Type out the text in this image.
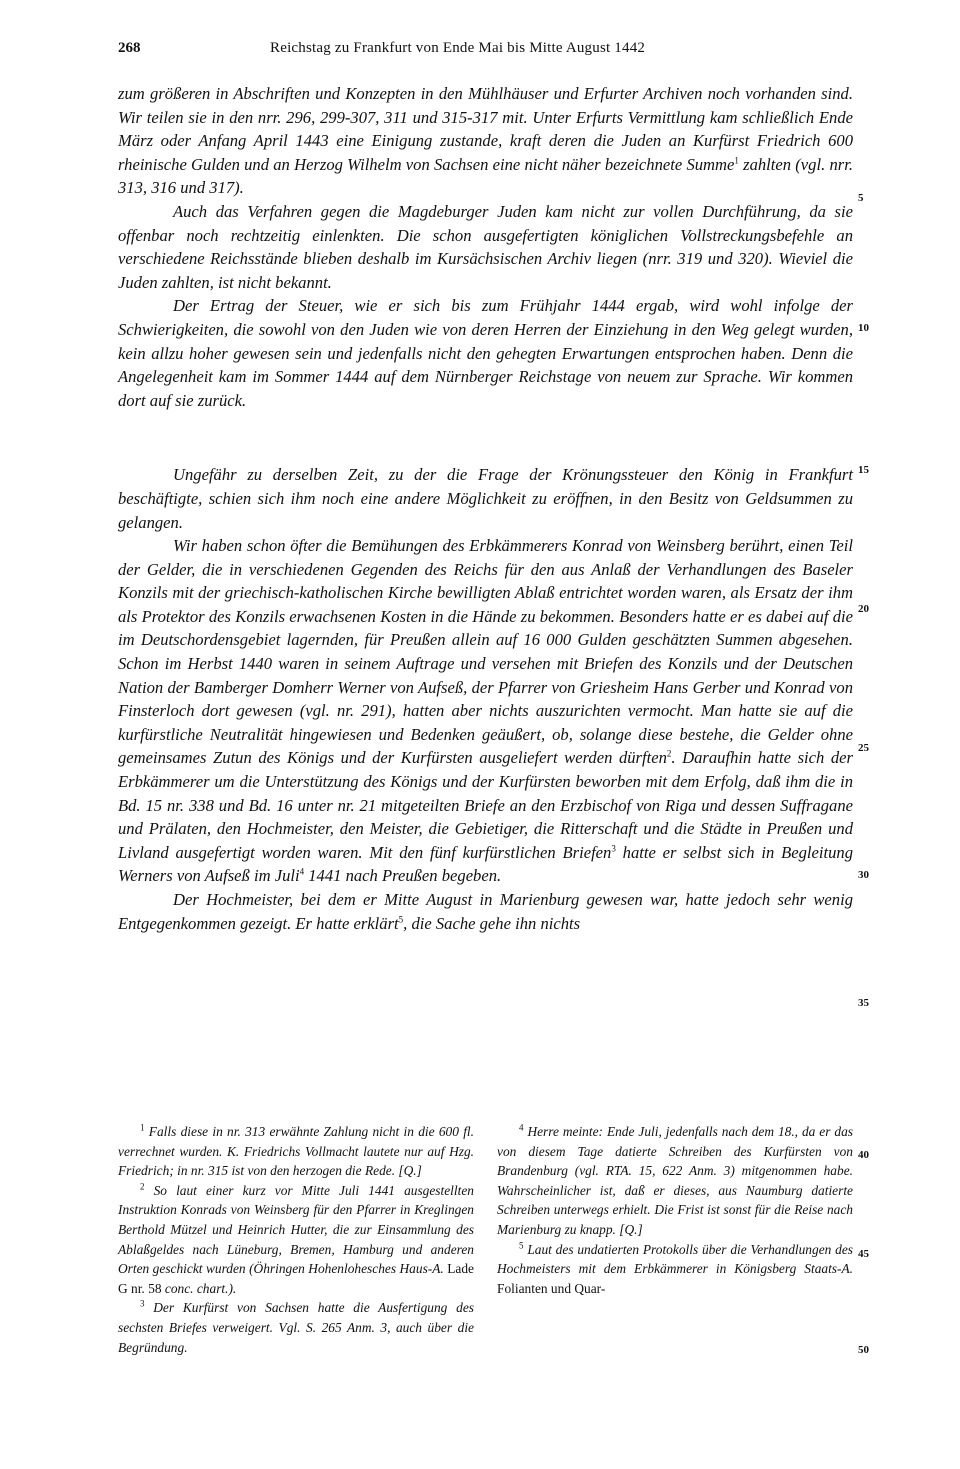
268	Reichstag zu Frankfurt von Ende Mai bis Mitte August 1442

zum größeren in Abschriften und Konzepten in den Mühlhäuser und Erfurter Archiven noch vorhanden sind. Wir teilen sie in den nrr. 296, 299-307, 311 und 315-317 mit. Unter Erfurts Vermittlung kam schließlich Ende März oder Anfang April 1443 eine Einigung zustande, kraft deren die Juden an Kurfürst Friedrich 600 rheinische Gulden und an Herzog Wilhelm von Sachsen eine nicht näher bezeichnete Summe$^1$ zahlten (vgl. nrr. 313, 316 und 317).

Auch das Verfahren gegen die Magdeburger Juden kam nicht zur vollen Durchführung, da sie offenbar noch rechtzeitig einlenkten. Die schon ausgefertigten königlichen Vollstreckungsbefehle an verschiedene Reichsstände blieben deshalb im Kursächsischen Archiv liegen (nrr. 319 und 320). Wieviel die Juden zahlten, ist nicht bekannt.

Der Ertrag der Steuer, wie er sich bis zum Frühjahr 1444 ergab, wird wohl infolge der Schwierigkeiten, die sowohl von den Juden wie von deren Herren der Einziehung in den Weg gelegt wurden, kein allzu hoher gewesen sein und jedenfalls nicht den gehegten Erwartungen entsprochen haben. Denn die Angelegenheit kam im Sommer 1444 auf dem Nürnberger Reichstage von neuem zur Sprache. Wir kommen dort auf sie zurück.

Ungefähr zu derselben Zeit, zu der die Frage der Krönungssteuer den König in Frankfurt beschäftigte, schien sich ihm noch eine andere Möglichkeit zu eröffnen, in den Besitz von Geldsummen zu gelangen.

Wir haben schon öfter die Bemühungen des Erbkämmerers Konrad von Weinsberg berührt, einen Teil der Gelder, die in verschiedenen Gegenden des Reichs für den aus Anlaß der Verhandlungen des Baseler Konzils mit der griechisch-katholischen Kirche bewilligten Ablaß entrichtet worden waren, als Ersatz der ihm als Protektor des Konzils erwachsenen Kosten in die Hände zu bekommen. Besonders hatte er es dabei auf die im Deutschordensgebiet lagernden, für Preußen allein auf 16 000 Gulden geschätzten Summen abgesehen. Schon im Herbst 1440 waren in seinem Auftrage und versehen mit Briefen des Konzils und der Deutschen Nation der Bamberger Domherr Werner von Aufseß, der Pfarrer von Griesheim Hans Gerber und Konrad von Finsterloch dort gewesen (vgl. nr. 291), hatten aber nichts auszurichten vermocht. Man hatte sie auf die kurfürstliche Neutralität hingewiesen und Bedenken geäußert, ob, solange diese bestehe, die Gelder ohne gemeinsames Zutun des Königs und der Kurfürsten ausgeliefert werden dürften$^2$. Daraufhin hatte sich der Erbkämmerer um die Unterstützung des Königs und der Kurfürsten beworben mit dem Erfolg, daß ihm die in Bd. 15 nr. 338 und Bd. 16 unter nr. 21 mitgeteilten Briefe an den Erzbischof von Riga und dessen Suffragane und Prälaten, den Hochmeister, den Meister, die Gebietiger, die Ritterschaft und die Städte in Preußen und Livland ausgefertigt worden waren. Mit den fünf kurfürstlichen Briefen$^3$ hatte er selbst sich in Begleitung Werners von Aufseß im Juli$^4$ 1441 nach Preußen begeben.

Der Hochmeister, bei dem er Mitte August in Marienburg gewesen war, hatte jedoch sehr wenig Entgegenkommen gezeigt. Er hatte erklärt$^5$, die Sache gehe ihn nichts

5
10
15
20
25
30
35
40
45
50

$^1$ Falls diese in nr. 313 erwähnte Zahlung nicht in die 600 fl. verrechnet wurden. K. Friedrichs Vollmacht lautete nur auf Hzg. Friedrich; in nr. 315 ist von den herzogen die Rede. [Q.]

$^2$ So laut einer kurz vor Mitte Juli 1441 ausgestellten Instruktion Konrads von Weinsberg für den Pfarrer in Kreglingen Berthold Mützel und Heinrich Hutter, die zur Einsammlung des Ablaßgeldes nach Lüneburg, Bremen, Hamburg und anderen Orten geschickt wurden (Öhringen Hohenlohesches Haus-A. Lade G nr. 58 conc. chart.).

$^3$ Der Kurfürst von Sachsen hatte die Ausfertigung des sechsten Briefes verweigert. Vgl. S. 265 Anm. 3, auch über die Begründung.

$^4$ Herre meinte: Ende Juli, jedenfalls nach dem 18., da er das von diesem Tage datierte Schreiben des Kurfürsten von Brandenburg (vgl. RTA. 15, 622 Anm. 3) mitgenommen habe. Wahrscheinlicher ist, daß er dieses, aus Naumburg datierte Schreiben unterwegs erhielt. Die Frist ist sonst für die Reise nach Marienburg zu knapp. [Q.]

$^5$ Laut des undatierten Protokolls über die Verhandlungen des Hochmeisters mit dem Erbkämmerer in Königsberg Staats-A. Folianten und Quar-
